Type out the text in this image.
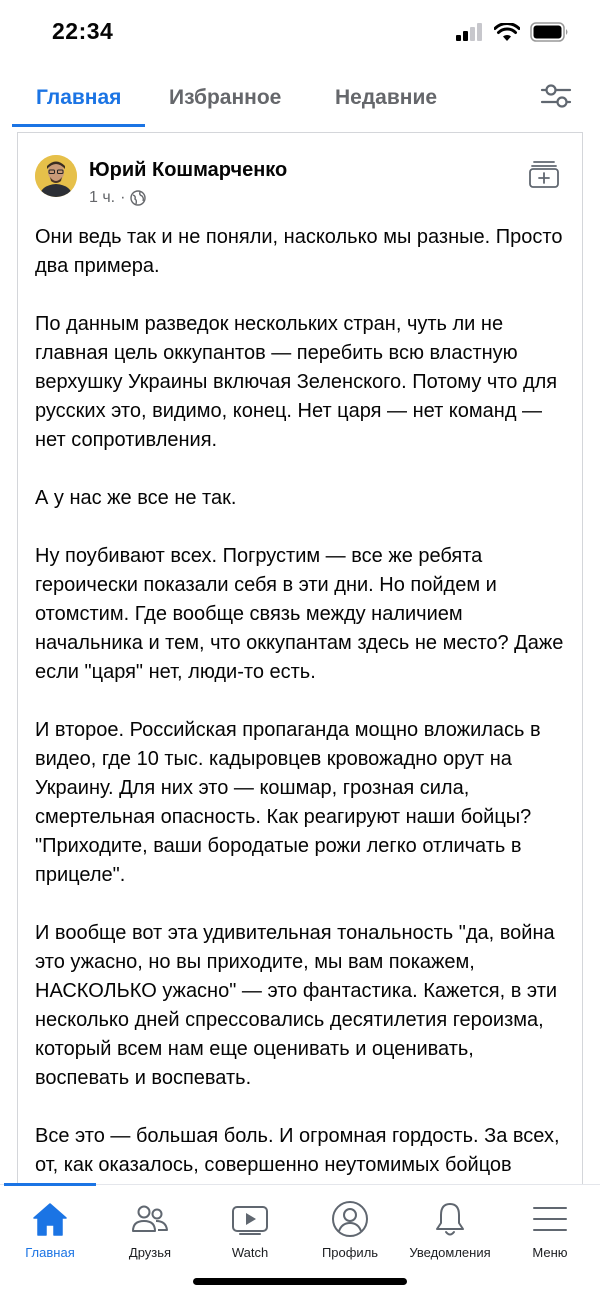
22:34
Главная Избранное	Недавние
Юрий Кошмарченко
1 ч. ·

Они ведь так и не поняли, насколько мы разные. Просто два примера.

По данным разведок нескольких стран, чуть ли не главная цель оккупантов — перебить всю властную верхушку Украины включая Зеленского. Потому что для русских это, видимо, конец. Нет царя — нет команд — нет сопротивления.

А у нас же все не так.

Ну поубивают всех. Погрустим — все же ребята героически показали себя в эти дни. Но пойдем и отомстим. Где вообще связь между наличием начальника и тем, что оккупантам здесь не место? Даже если "царя" нет, люди-то есть.

И второе. Российская пропаганда мощно вложилась в видео, где 10 тыс. кадыровцев кровожадно орут на Украину. Для них это — кошмар, грозная сила, смертельная опасность. Как реагируют наши бойцы? "Приходите, ваши бородатые рожи легко отличать в прицеле".

И вообще вот эта удивительная тональность "да, война это ужасно, но вы приходите, мы вам покажем, НАСКОЛЬКО ужасно" — это фантастика. Кажется, в эти несколько дней спрессовались десятилетия героизма, который всем нам еще оценивать и оценивать, воспевать и воспевать.

Все это — большая боль. И огромная гордость. За всех, от, как оказалось, совершенно неутомимых бойцов

Главная	Друзья	Watch	Профиль	Уведомления	Меню
